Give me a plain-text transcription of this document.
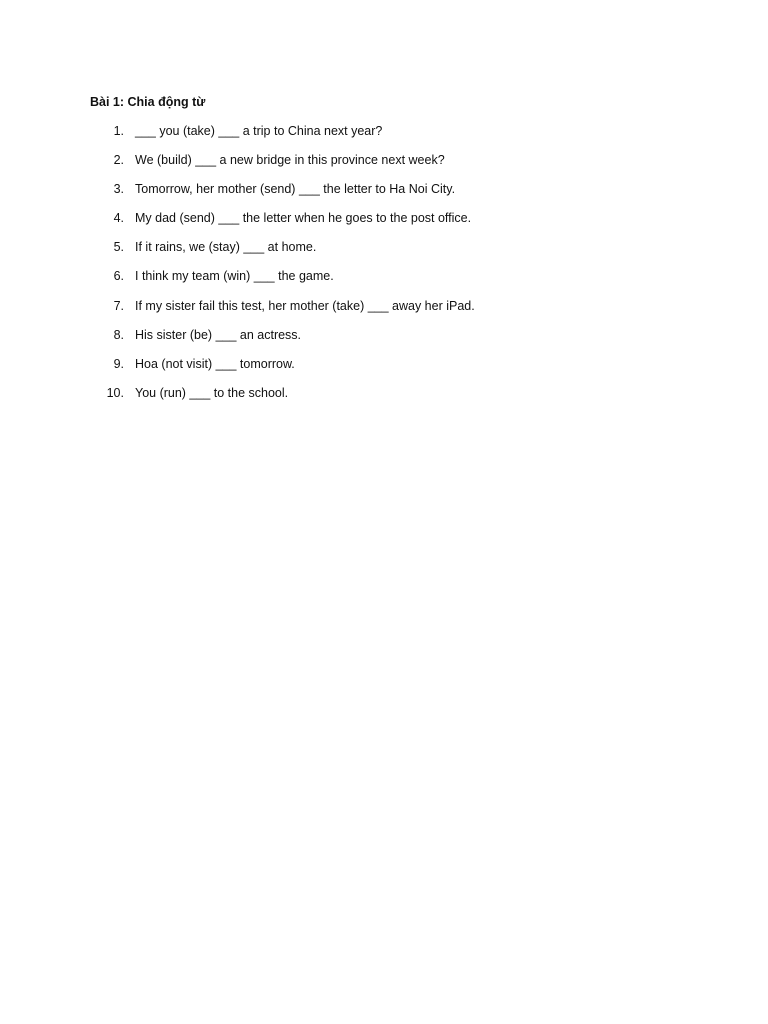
Bài 1: Chia động từ
1. ___ you (take) ___ a trip to China next year?
2. We (build) ___ a new bridge in this province next week?
3. Tomorrow, her mother (send) ___ the letter to Ha Noi City.
4. My dad (send) ___ the letter when he goes to the post office.
5. If it rains, we (stay) ___ at home.
6. I think my team (win) ___ the game.
7. If my sister fail this test, her mother (take) ___ away her iPad.
8. His sister (be) ___ an actress.
9. Hoa (not visit) ___ tomorrow.
10. You (run) ___ to the school.
